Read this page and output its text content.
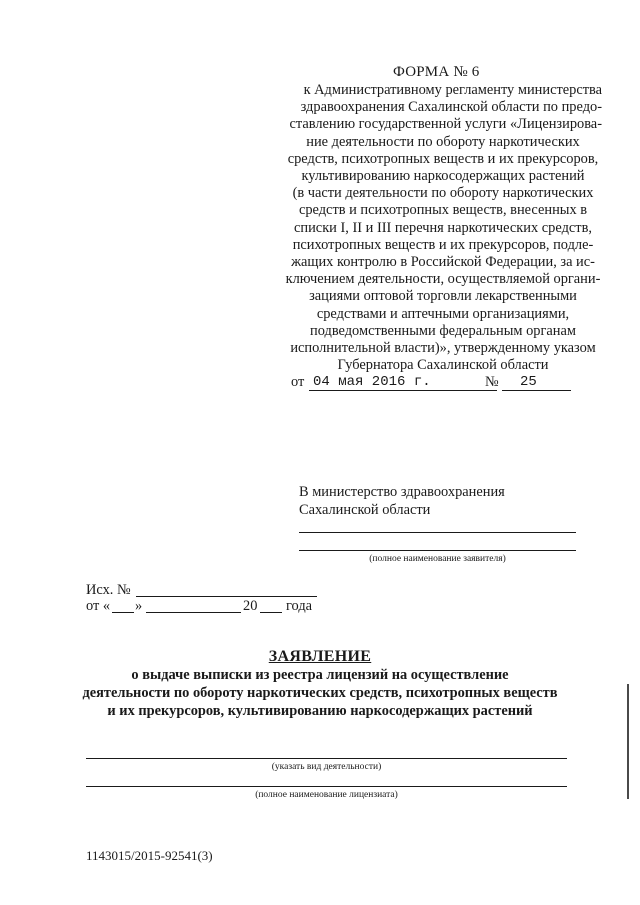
ФОРМА № 6
к Административному регламенту министерства
здравоохранения Сахалинской области по предо-
ставлению государственной услуги «Лицензирова-
ние деятельности по обороту наркотических
средств, психотропных веществ и их прекурсоров,
культивированию наркосодержащих растений
(в части деятельности по обороту наркотических
средств и психотропных веществ, внесенных в
списки I, II и III перечня наркотических средств,
психотропных веществ и их прекурсоров, подле-
жащих контролю в Российской Федерации, за ис-
ключением деятельности, осуществляемой органи-
зациями оптовой торговли лекарственными
средствами и аптечными организациями,
подведомственными федеральным органам
исполнительной власти)», утвержденному указом
Губернатора Сахалинской области
от 04 мая 2016 г.	№	25
В министерство здравоохранения
Сахалинской области
(полное наименование заявителя)
Исх. №
от « »	20 года
ЗАЯВЛЕНИЕ
о выдаче выписки из реестра лицензий на осуществление
деятельности по обороту наркотических средств, психотропных веществ
и их прекурсоров, культивированию наркосодержащих растений
(указать вид деятельности)
(полное наименование лицензиата)
1143015/2015-92541(3)
